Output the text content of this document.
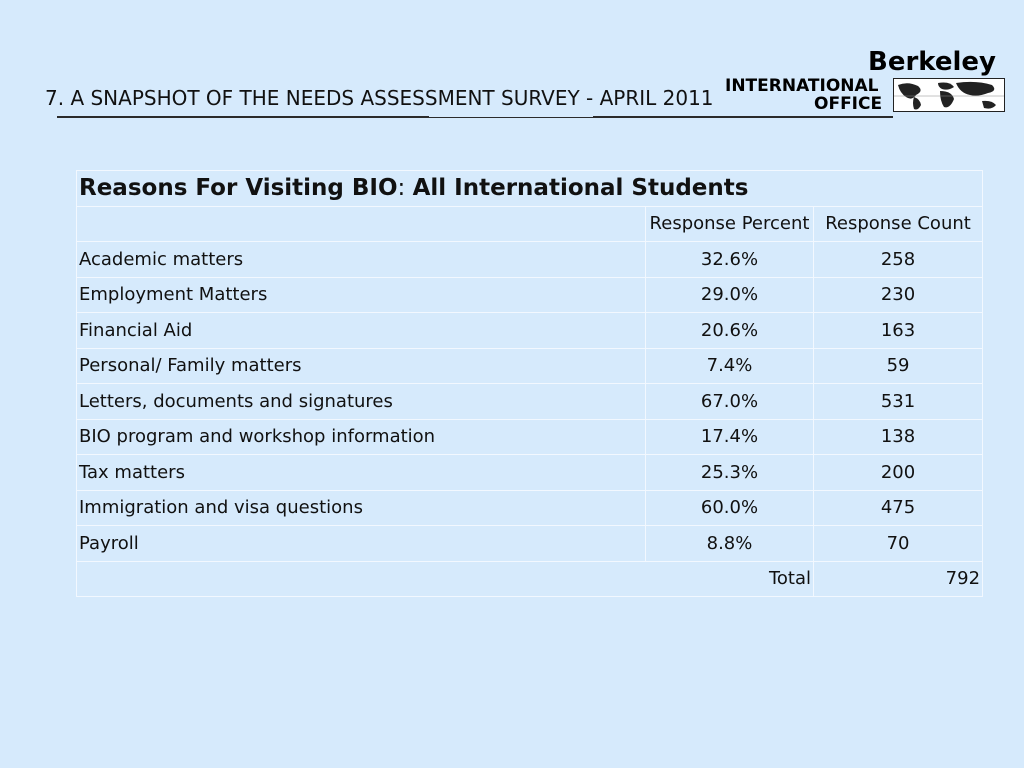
7. A SNAPSHOT OF THE NEEDS ASSESSMENT SURVEY - APRIL 2011
Berkeley
INTERNATIONAL
OFFICE
Reasons For Visiting BIO: All International Students		
	Response Percent	Response Count
Academic matters	32.6%	258
Employment Matters	29.0%	230
Financial Aid	20.6%	163
Personal/ Family matters	7.4%	59
Letters, documents and signatures	67.0%	531
BIO program and workshop information	17.4%	138
Tax matters	25.3%	200
Immigration and visa questions	60.0%	475
Payroll	8.8%	70
Total		792
